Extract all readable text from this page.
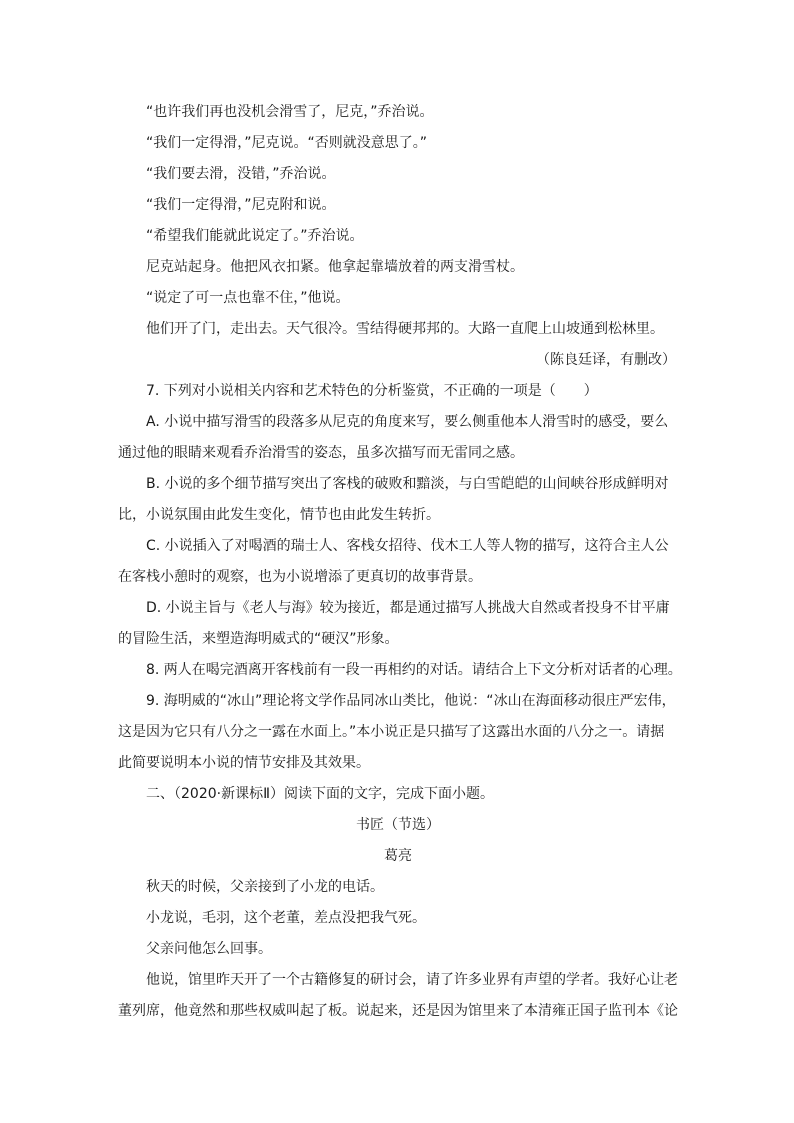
“也许我们再也没机会滑雪了，尼克，”乔治说。
“我们一定得滑，”尼克说。“否则就没意思了。”
“我们要去滑，没错，”乔治说。
“我们一定得滑，”尼克附和说。
“希望我们能就此说定了。”乔治说。
尼克站起身。他把风衣扣紧。他拿起靠墙放着的两支滑雪杖。
“说定了可一点也靠不住，”他说。
他们开了门，走出去。天气很冷。雪结得硬邦邦的。大路一直爬上山坡通到松林里。
（陈良廷译，有删改）
7. 下列对小说相关内容和艺术特色的分析鉴赏，不正确的一项是（　　）
A. 小说中描写滑雪的段落多从尼克的角度来写，要么侧重他本人滑雪时的感受，要么
通过他的眼睛来观看乔治滑雪的姿态，虽多次描写而无雷同之感。
B. 小说的多个细节描写突出了客栈的破败和黯淡，与白雪皑皑的山间峡谷形成鲜明对
比，小说氛围由此发生变化，情节也由此发生转折。
C. 小说插入了对喝酒的瑞士人、客栈女招待、伐木工人等人物的描写，这符合主人公
在客栈小憩时的观察，也为小说增添了更真切的故事背景。
D. 小说主旨与《老人与海》较为接近，都是通过描写人挑战大自然或者投身不甘平庸
的冒险生活，来塑造海明威式的“硬汉”形象。
8. 两人在喝完酒离开客栈前有一段一再相约的对话。请结合上下文分析对话者的心理。
9. 海明威的“冰山”理论将文学作品同冰山类比，他说：“冰山在海面移动很庄严宏伟，
这是因为它只有八分之一露在水面上。”本小说正是只描写了这露出水面的八分之一。请据
此简要说明本小说的情节安排及其效果。
二、（2020·新课标Ⅱ）阅读下面的文字，完成下面小题。
书匠（节选）
葛亮
秋天的时候，父亲接到了小龙的电话。
小龙说，毛羽，这个老董，差点没把我气死。
父亲问他怎么回事。
他说，馆里昨天开了一个古籍修复的研讨会，请了许多业界有声望的学者。我好心让老
董列席，他竟然和那些权威叫起了板。说起来，还是因为馆里来了本清雍正国子监刊本《论
